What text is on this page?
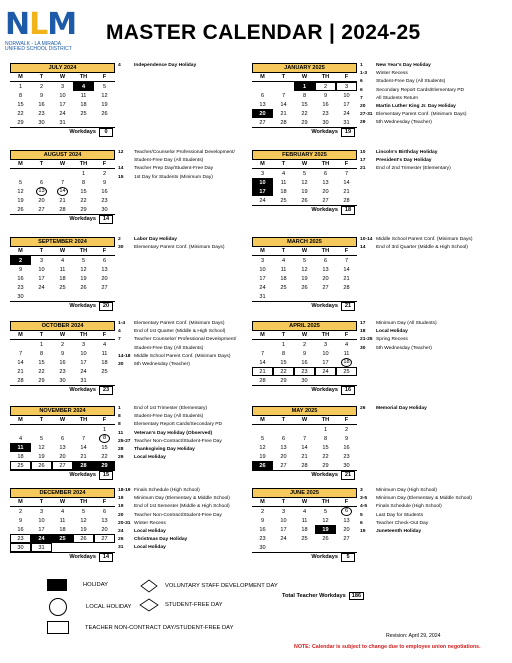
NLM
NORWALK - LA MIRADA
UNIFIED SCHOOL DISTRICT
MASTER CALENDAR | 2024-25
JULY 2024
M	T	W	TH	F
1	2	3	4	5
8	9	10	11	12
15	16	17	18	19
22	23	24	25	26
29	30	31		
Workdays 0
4	Independence Day Holiday
AUGUST 2024
M	T	W	TH	F
			1	2
5	6	7	8	9
12	13	14	15	16
19	20	21	22	23
26	27	28	29	30
Workdays 14
12	Teacher/Counselor Professional Development/
Student-Free Day (All Students)
14	Teacher Prep Day/Student-Free Day
15	1st Day for Students (Minimum Day)
SEPTEMBER 2024
M	T	W	TH	F
2	3	4	5	6
9	10	11	12	13
16	17	18	19	20
23	24	25	26	27
30				
Workdays 20
2	Labor Day Holiday
30	Elementary Parent Conf. (Minimum Days)
OCTOBER 2024
M	T	W	TH	F
	1	2	3	4
7	8	9	10	11
14	15	16	17	18
21	22	23	24	25
28	29	30	31	
Workdays 23
1-4	Elementary Parent Conf. (Minimum Days)
4	End of 1st Quarter (Middle & High School)
7	Teacher Counselor/ Professional Development/
Student-Free Day (All Students)
14-18 Middle School Parent Conf. (Minimum Days)
30	5th Wednesday (Teacher)
NOVEMBER 2024
M	T	W	TH	F
				1
4	5	6	7	8
11	12	13	14	15
18	19	20	21	22
25	26	27	28	29
Workdays 15
1	End of 1st Trimester (Elementary)
8	Student-Free Day (All Students)
8	Elementary Report Cards/Secondary PD
11	Veteran's Day Holiday (Observed)
25-27 Teacher Non-Contract/Student-Free Day
28	Thanksgiving Day Holiday
29	Local Holiday
DECEMBER 2024
M	T	W	TH	F
2	3	4	5	6
9	10	11	12	13
16	17	18	19	20
23	24	25	26	27
30	31			
Workdays 14
18-19 Finals Schedule (High School)
19	Minimum Day (Elementary & Middle School)
19	End of 1st Semester (Middle & High School)
20	Teacher Non-Contract/Student-Free Day
20-31 Winter Recess
24	Local Holiday
25	Christmas Day Holiday
31	Local Holiday
JANUARY 2025
M	T	W	TH	F
		1	2	3
6	7	8	9	10
13	14	15	16	17
20	21	22	23	24
27	28	29	30	31
Workdays 19
1	New Year's Day Holiday
1-3	Winter Recess
6	Student-Free Day (All Students)
6	Secondary Report Cards/Elementary PD
7	All Students Return
20	Martin Luther King Jr. Day Holiday
27-31 Elementary Parent Conf. (Minimum Days)
29	5th Wednesday (Teacher)
FEBRUARY 2025
M	T	W	TH	F
3	4	5	6	7
10	11	12	13	14
17	18	19	20	21
24	25	26	27	28
Workdays 18
10	Lincoln's Birthday Holiday
17	President's Day Holiday
21	End of 2nd Trimester (Elementary)
MARCH 2025
M	T	W	TH	F
3	4	5	6	7
10	11	12	13	14
17	18	19	20	21
24	25	26	27	28
31				
Workdays 21
10-14 Middle School Parent Conf. (Minimum Days)
14	End of 3rd Quarter (Middle & High School)
APRIL 2025
M	T	W	TH	F
	1	2	3	4
7	8	9	10	11
14	15	16	17	18
21	22	23	24	25
28	29	30		
Workdays 16
17	Minimum Day (All Students)
18	Local Holiday
21-25 Spring Recess
30	5th Wednesday (Teacher)
MAY 2025
M	T	W	TH	F
			1	2
5	6	7	8	9
12	13	14	15	16
19	20	21	22	23
26	27	28	29	30
Workdays 21
26	Memorial Day Holiday
JUNE 2025
M	T	W	TH	F
2	3	4	5	6
9	10	11	12	13
16	17	18	19	20
23	24	25	26	27
30				
Workdays 5
3	Minimum Day (High School)
3-5	Minimum Day (Elementary & Middle School)
4-5	Finals Schedule (High School)
5	Last Day for Students
6	Teacher Check-Out Day
19	Juneteenth Holiday
Total Teacher Workdays 186
HOLIDAY
LOCAL HOLIDAY
TEACHER NON-CONTRACT DAY/STUDENT-FREE DAY
VOLUNTARY STAFF DEVELOPMENT DAY
STUDENT-FREE DAY
Revision: April 29, 2024
NOTE: Calendar is subject to change due to employee union negotiations.
